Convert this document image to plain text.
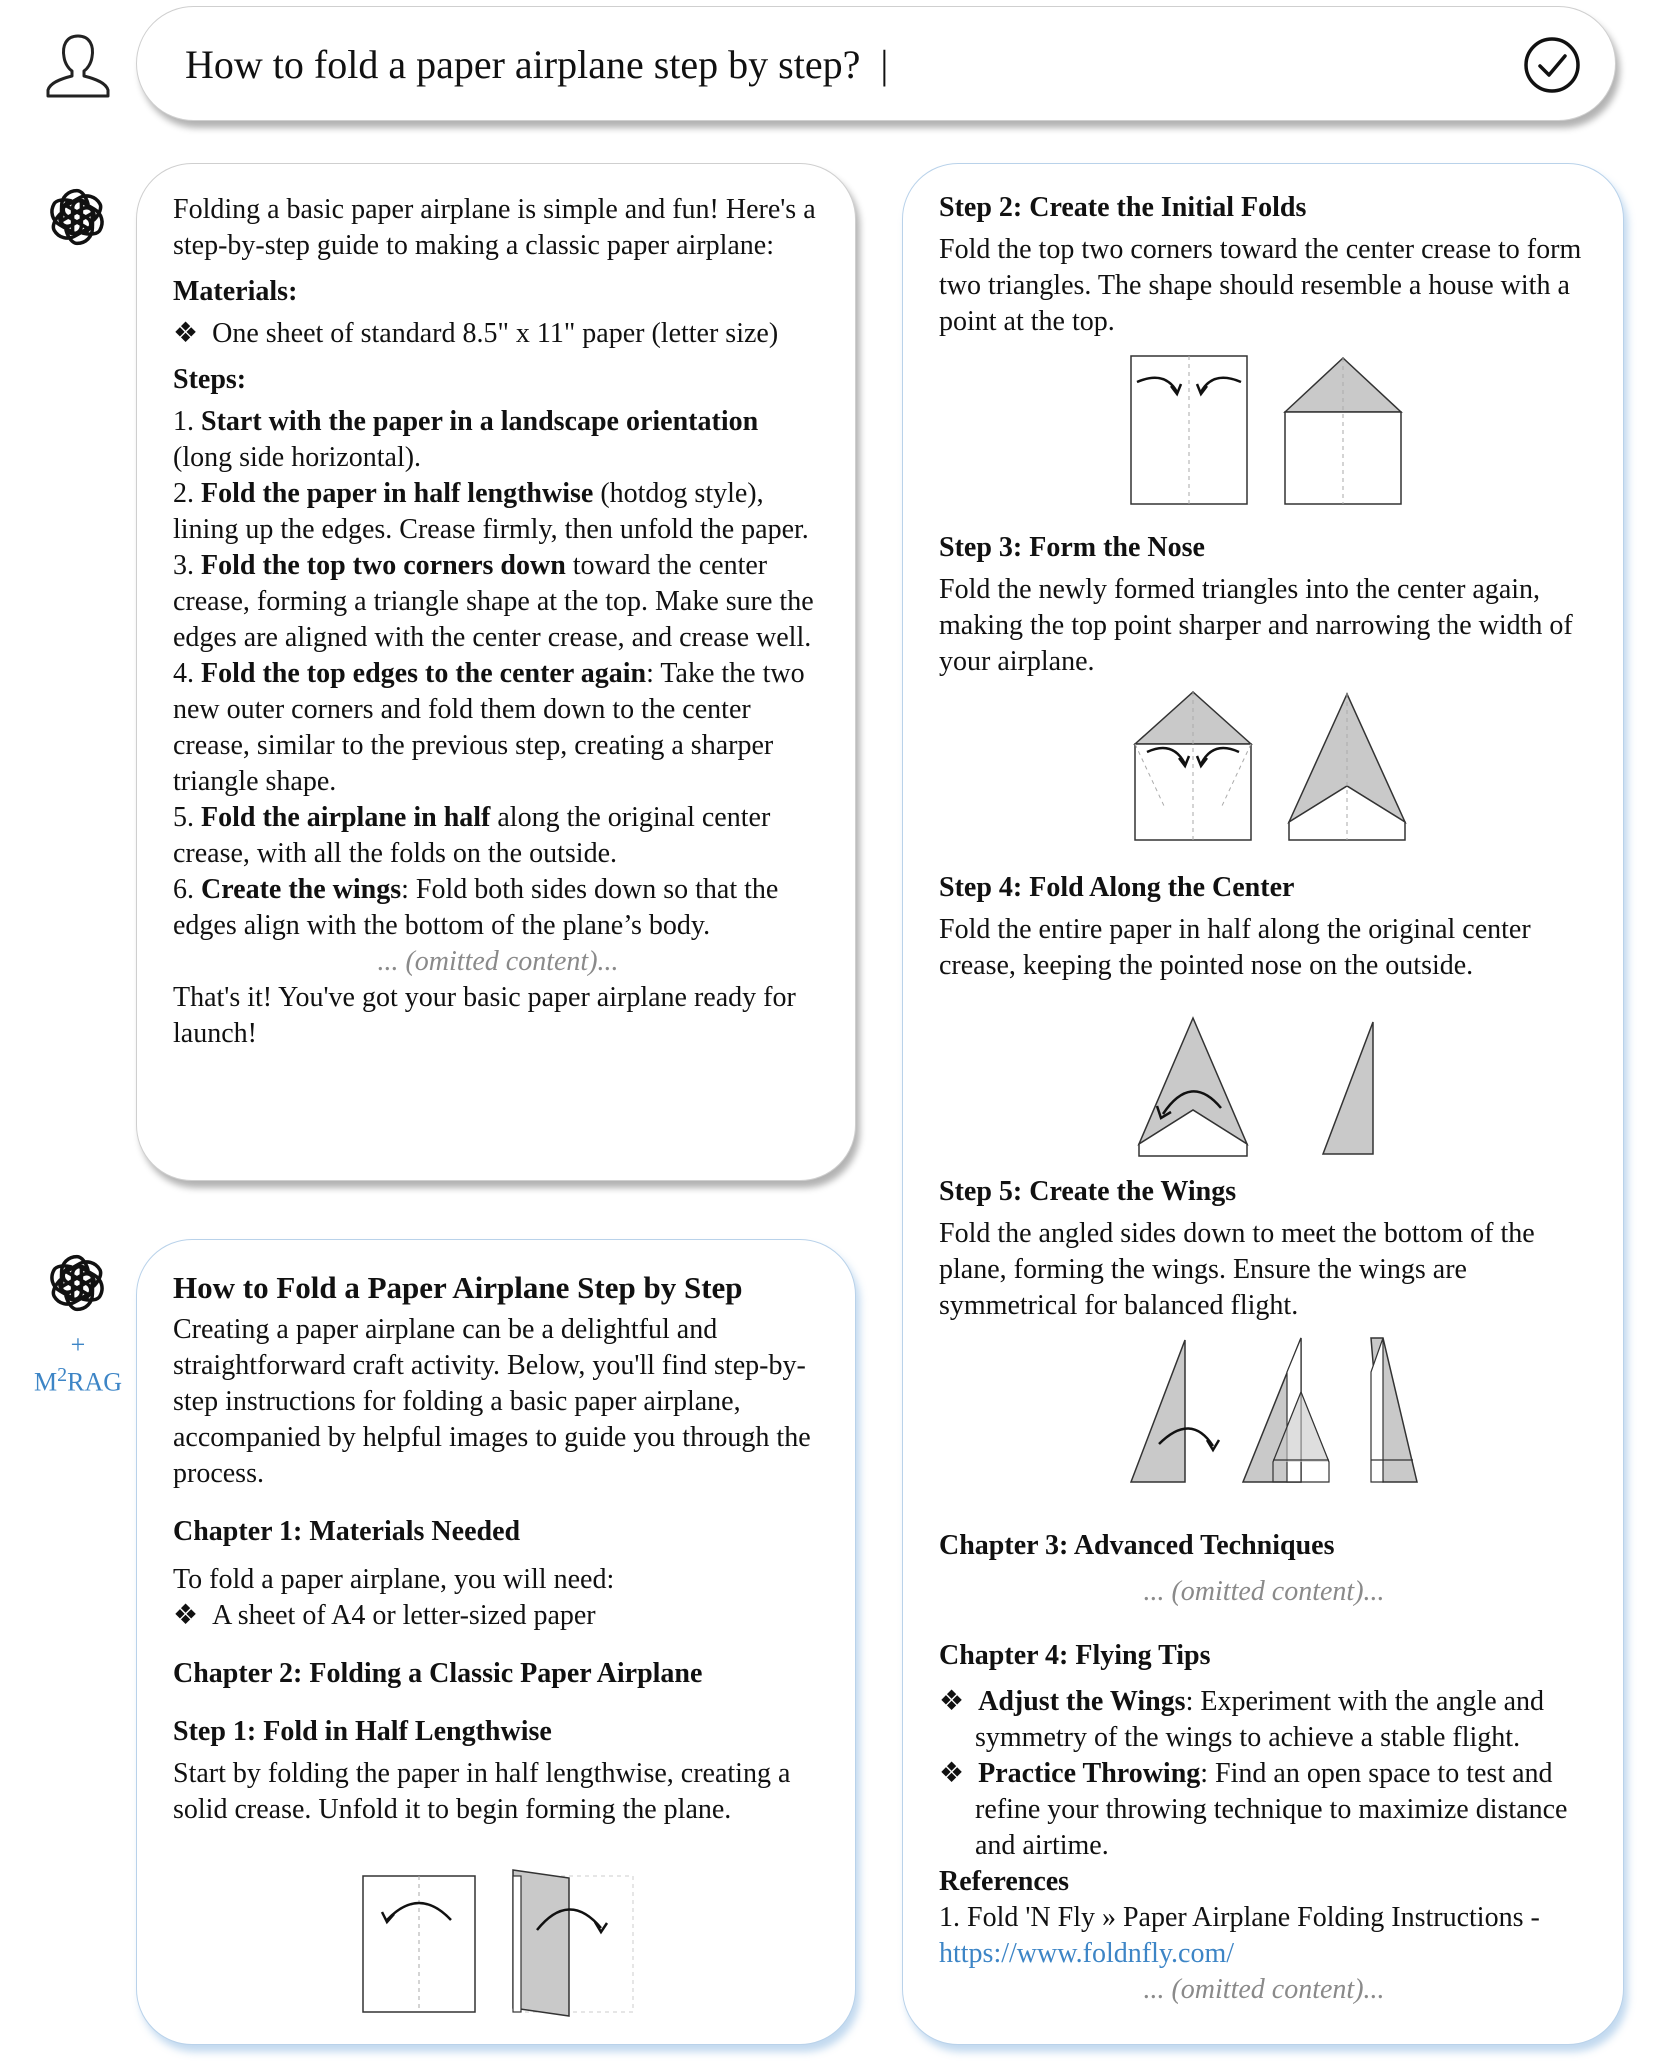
How to fold a paper airplane step by step? |
+
$M^2RAG$
Folding a basic paper airplane is simple and fun! Here's a step-by-step guide to making a classic paper airplane:
Materials:
❖  One sheet of standard 8.5" x 11" paper (letter size)
Steps:
1. Start with the paper in a landscape orientation (long side horizontal).
2. Fold the paper in half lengthwise (hotdog style), lining up the edges. Crease firmly, then unfold the paper.
3. Fold the top two corners down toward the center crease, forming a triangle shape at the top. Make sure the edges are aligned with the center crease, and crease well.
4. Fold the top edges to the center again: Take the two new outer corners and fold them down to the center crease, similar to the previous step, creating a sharper triangle shape.
5. Fold the airplane in half along the original center crease, with all the folds on the outside.
6. Create the wings: Fold both sides down so that the edges align with the bottom of the plane’s body.
... (omitted content)...
That's it! You've got your basic paper airplane ready for launch!
How to Fold a Paper Airplane Step by Step
Creating a paper airplane can be a delightful and straightforward craft activity. Below, you'll find step-by-step instructions for folding a basic paper airplane, accompanied by helpful images to guide you through the process.
Chapter 1: Materials Needed
To fold a paper airplane, you will need:
❖  A sheet of A4 or letter-sized paper
Chapter 2: Folding a Classic Paper Airplane
Step 1: Fold in Half Lengthwise
Start by folding the paper in half lengthwise, creating a solid crease. Unfold it to begin forming the plane.
Step 2: Create the Initial Folds
Fold the top two corners toward the center crease to form two triangles. The shape should resemble a house with a point at the top.
Step 3: Form the Nose
Fold the newly formed triangles into the center again, making the top point sharper and narrowing the width of your airplane.
Step 4: Fold Along the Center
Fold the entire paper in half along the original center crease, keeping the pointed nose on the outside.
Step 5: Create the Wings
Fold the angled sides down to meet the bottom of the plane, forming the wings. Ensure the wings are symmetrical for balanced flight.
Chapter 3: Advanced Techniques
... (omitted content)...
Chapter 4: Flying Tips
❖  Adjust the Wings: Experiment with the angle and symmetry of the wings to achieve a stable flight.
❖  Practice Throwing: Find an open space to test and refine your throwing technique to maximize distance and airtime.
References
1. Fold 'N Fly » Paper Airplane Folding Instructions -
https://www.foldnfly.com/
... (omitted content)...
